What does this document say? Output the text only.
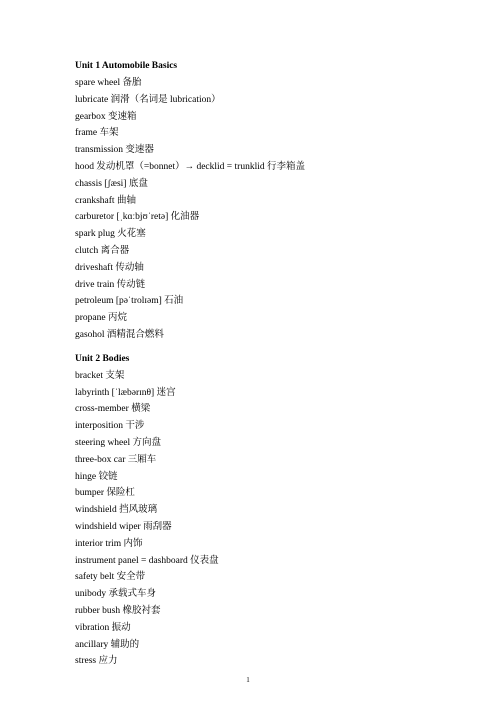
Unit 1 Automobile Basics
spare wheel 备胎
lubricate 润滑（名词是 lubrication）
gearbox 变速箱
frame 车架
transmission 变速器
hood 发动机罩（=bonnet）→ decklid = trunklid 行李箱盖
chassis [ʃæsi] 底盘
crankshaft 曲轴
carburetor [ˌkɑːbjʊˈretə] 化油器
spark plug 火花塞
clutch 离合器
driveshaft 传动轴
drive train 传动链
petroleum [pəˈtrolɪəm] 石油
propane 丙烷
gasohol 酒精混合燃料
Unit 2 Bodies
bracket 支架
labyrinth [ˈlæbərɪnθ] 迷宫
cross-member 横梁
interposition 干涉
steering wheel 方向盘
three-box car 三厢车
hinge 铰链
bumper 保险杠
windshield 挡风玻璃
windshield wiper 雨刮器
interior trim 内饰
instrument panel = dashboard 仪表盘
safety belt 安全带
unibody 承载式车身
rubber bush 橡胶衬套
vibration 振动
ancillary 辅助的
stress 应力
1
